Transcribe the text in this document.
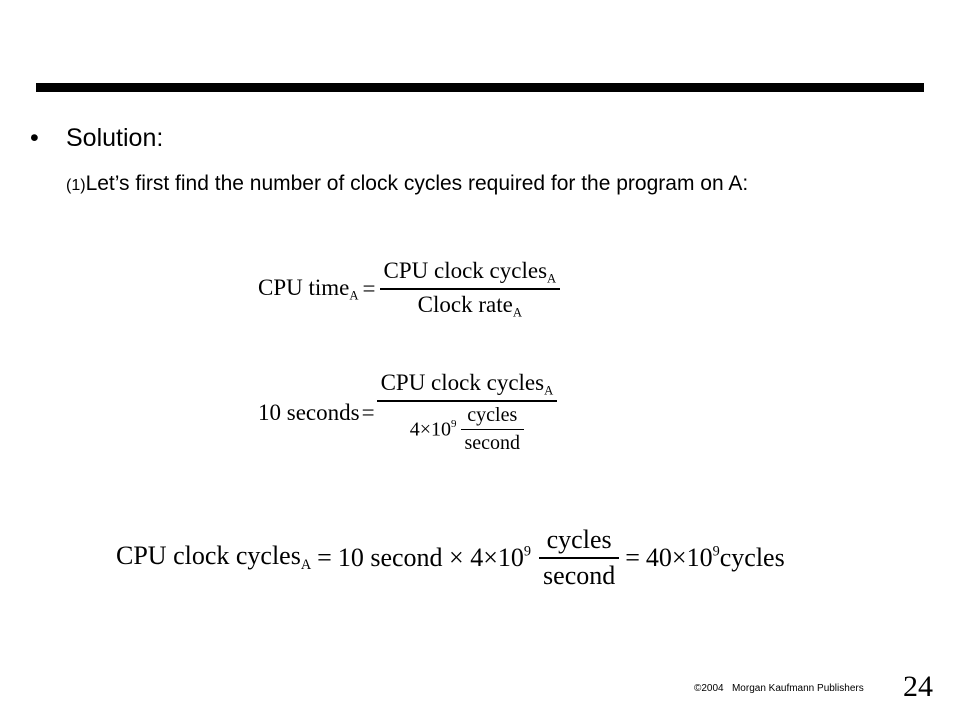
•	Solution:
(1)Let’s first find the number of clock cycles required for the program on A:
CPU time$_A$ = $\frac{CPU clock cycles_A}{Clock rate_A}$
10 seconds = $\frac{CPU clock cycles_A}{4\times 10^9 \frac{\text{cycles}}{\text{second}}}$
CPU clock cycles$_A$ = 10 second × $4\times 10^9 \frac{\text{cycles}}{\text{second}}$ = $40\times 10^9cycles$
©2004 Morgan Kaufmann Publishers 24
